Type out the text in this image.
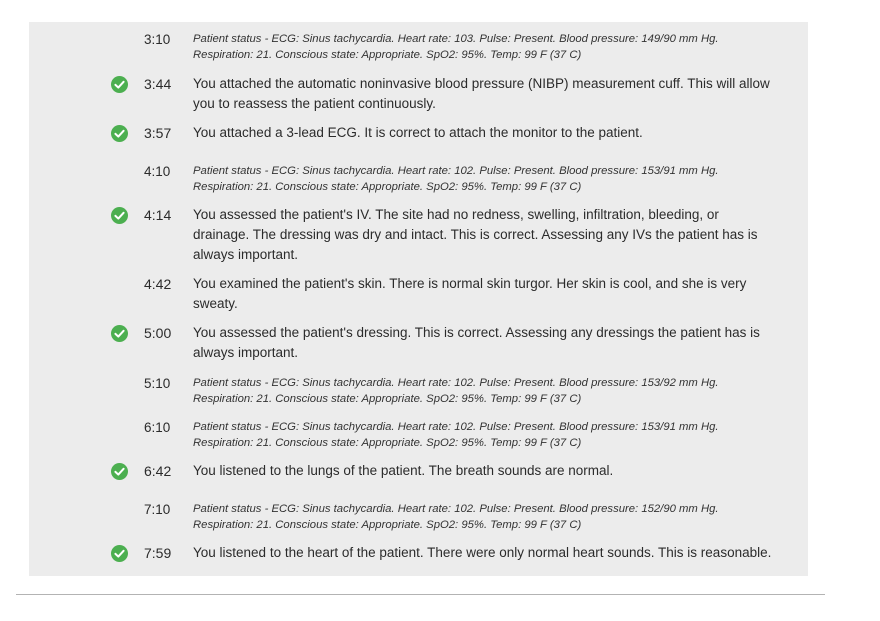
3:10	Patient status - ECG: Sinus tachycardia. Heart rate: 103. Pulse: Present. Blood pressure: 149/90 mm Hg. Respiration: 21. Conscious state: Appropriate. SpO2: 95%. Temp: 99 F (37 C)
3:44	You attached the automatic noninvasive blood pressure (NIBP) measurement cuff. This will allow you to reassess the patient continuously.
3:57	You attached a 3-lead ECG. It is correct to attach the monitor to the patient.
4:10	Patient status - ECG: Sinus tachycardia. Heart rate: 102. Pulse: Present. Blood pressure: 153/91 mm Hg. Respiration: 21. Conscious state: Appropriate. SpO2: 95%. Temp: 99 F (37 C)
4:14	You assessed the patient's IV. The site had no redness, swelling, infiltration, bleeding, or drainage. The dressing was dry and intact. This is correct. Assessing any IVs the patient has is always important.
4:42	You examined the patient's skin. There is normal skin turgor. Her skin is cool, and she is very sweaty.
5:00	You assessed the patient's dressing. This is correct. Assessing any dressings the patient has is always important.
5:10	Patient status - ECG: Sinus tachycardia. Heart rate: 102. Pulse: Present. Blood pressure: 153/92 mm Hg. Respiration: 21. Conscious state: Appropriate. SpO2: 95%. Temp: 99 F (37 C)
6:10	Patient status - ECG: Sinus tachycardia. Heart rate: 102. Pulse: Present. Blood pressure: 153/91 mm Hg. Respiration: 21. Conscious state: Appropriate. SpO2: 95%. Temp: 99 F (37 C)
6:42	You listened to the lungs of the patient. The breath sounds are normal.
7:10	Patient status - ECG: Sinus tachycardia. Heart rate: 102. Pulse: Present. Blood pressure: 152/90 mm Hg. Respiration: 21. Conscious state: Appropriate. SpO2: 95%. Temp: 99 F (37 C)
7:59	You listened to the heart of the patient. There were only normal heart sounds. This is reasonable.
